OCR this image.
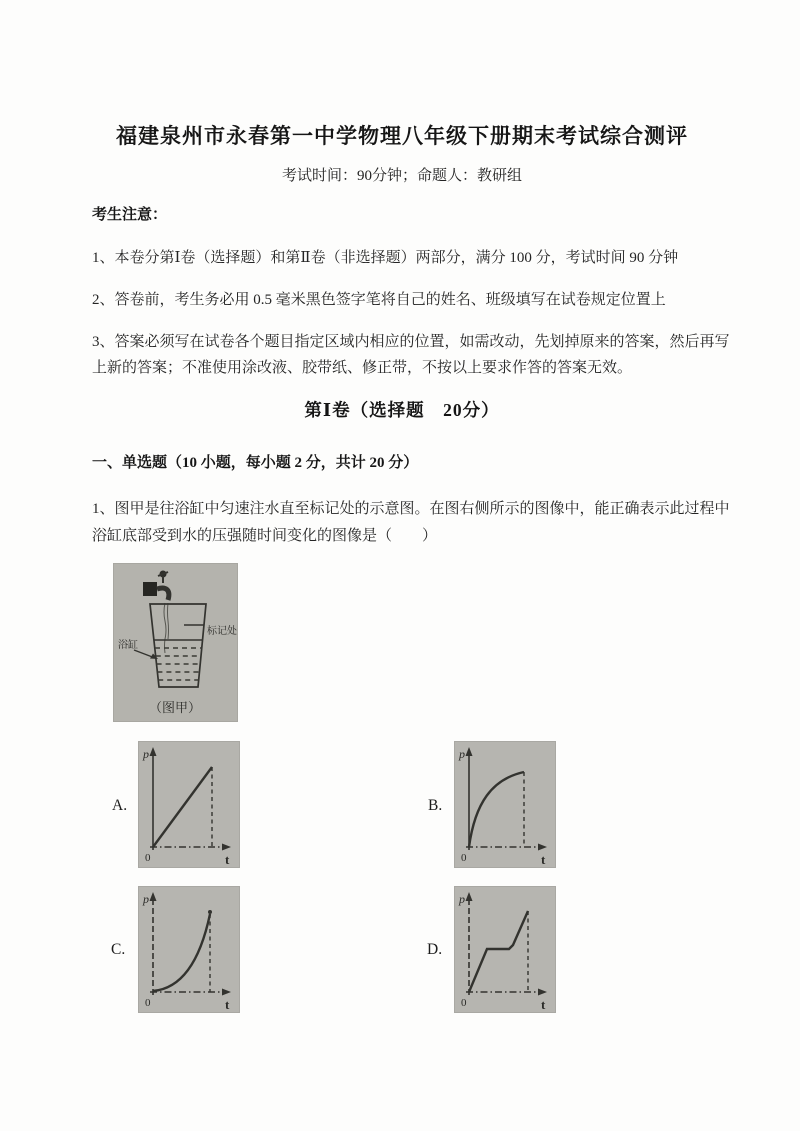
福建泉州市永春第一中学物理八年级下册期末考试综合测评
考试时间：90分钟；命题人：教研组
考生注意：
1、本卷分第Ⅰ卷（选择题）和第Ⅱ卷（非选择题）两部分，满分 100 分，考试时间 90 分钟
2、答卷前，考生务必用 0.5 毫米黑色签字笔将自己的姓名、班级填写在试卷规定位置上
3、答案必须写在试卷各个题目指定区域内相应的位置，如需改动，先划掉原来的答案，然后再写上新的答案；不准使用涂改液、胶带纸、修正带，不按以上要求作答的答案无效。
第Ⅰ卷（选择题　20分）
一、单选题（10 小题，每小题 2 分，共计 20 分）
1、图甲是往浴缸中匀速注水直至标记处的示意图。在图右侧所示的图像中，能正确表示此过程中浴缸底部受到水的压强随时间变化的图像是（　　）
标记处
浴缸
（图甲）
A.
p
t
0
B.
p
t
0
C.
p
t
0
D.
p
t
0
